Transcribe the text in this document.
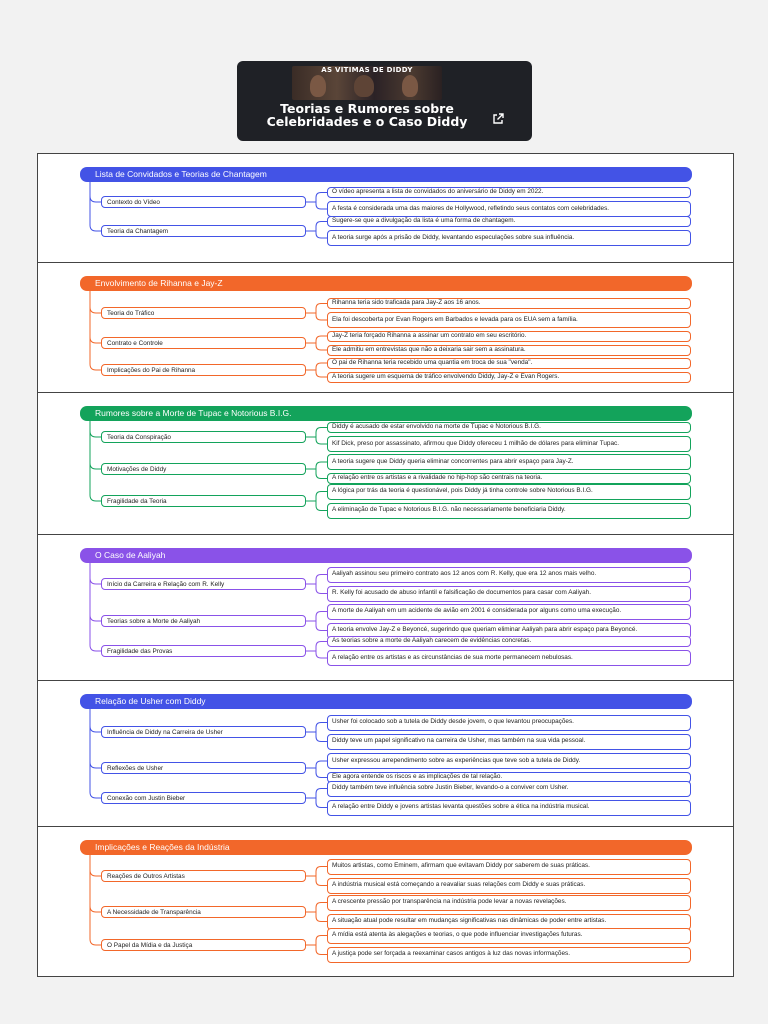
AS VÍTIMAS DE DIDDY
Teorias e Rumores sobre Celebridades e o Caso Diddy
Lista de Convidados e Teorias de Chantagem
Contexto do Vídeo
O vídeo apresenta a lista de convidados do aniversário de Diddy em 2022.
A festa é considerada uma das maiores de Hollywood, refletindo seus contatos com celebridades.
Teoria da Chantagem
Sugere-se que a divulgação da lista é uma forma de chantagem.
A teoria surge após a prisão de Diddy, levantando especulações sobre sua influência.
Envolvimento de Rihanna e Jay-Z
Teoria do Tráfico
Rihanna teria sido traficada para Jay-Z aos 16 anos.
Ela foi descoberta por Evan Rogers em Barbados e levada para os EUA sem a família.
Contrato e Controle
Jay-Z teria forçado Rihanna a assinar um contrato em seu escritório.
Ele admitiu em entrevistas que não a deixaria sair sem a assinatura.
Implicações do Pai de Rihanna
O pai de Rihanna teria recebido uma quantia em troca de sua "venda".
A teoria sugere um esquema de tráfico envolvendo Diddy, Jay-Z e Evan Rogers.
Rumores sobre a Morte de Tupac e Notorious B.I.G.
Teoria da Conspiração
Diddy é acusado de estar envolvido na morte de Tupac e Notorious B.I.G.
Kif Dick, preso por assassinato, afirmou que Diddy ofereceu 1 milhão de dólares para eliminar Tupac.
Motivações de Diddy
A teoria sugere que Diddy queria eliminar concorrentes para abrir espaço para Jay-Z.
A relação entre os artistas e a rivalidade no hip-hop são centrais na teoria.
Fragilidade da Teoria
A lógica por trás da teoria é questionável, pois Diddy já tinha controle sobre Notorious B.I.G.
A eliminação de Tupac e Notorious B.I.G. não necessariamente beneficiaria Diddy.
O Caso de Aaliyah
Início da Carreira e Relação com R. Kelly
Aaliyah assinou seu primeiro contrato aos 12 anos com R. Kelly, que era 12 anos mais velho.
R. Kelly foi acusado de abuso infantil e falsificação de documentos para casar com Aaliyah.
Teorias sobre a Morte de Aaliyah
A morte de Aaliyah em um acidente de avião em 2001 é considerada por alguns como uma execução.
A teoria envolve Jay-Z e Beyoncé, sugerindo que queriam eliminar Aaliyah para abrir espaço para Beyoncé.
Fragilidade das Provas
As teorias sobre a morte de Aaliyah carecem de evidências concretas.
A relação entre os artistas e as circunstâncias de sua morte permanecem nebulosas.
Relação de Usher com Diddy
Influência de Diddy na Carreira de Usher
Usher foi colocado sob a tutela de Diddy desde jovem, o que levantou preocupações.
Diddy teve um papel significativo na carreira de Usher, mas também na sua vida pessoal.
Reflexões de Usher
Usher expressou arrependimento sobre as experiências que teve sob a tutela de Diddy.
Ele agora entende os riscos e as implicações de tal relação.
Conexão com Justin Bieber
Diddy também teve influência sobre Justin Bieber, levando-o a conviver com Usher.
A relação entre Diddy e jovens artistas levanta questões sobre a ética na indústria musical.
Implicações e Reações da Indústria
Reações de Outros Artistas
Muitos artistas, como Eminem, afirmam que evitavam Diddy por saberem de suas práticas.
A indústria musical está começando a reavaliar suas relações com Diddy e suas práticas.
A Necessidade de Transparência
A crescente pressão por transparência na indústria pode levar a novas revelações.
A situação atual pode resultar em mudanças significativas nas dinâmicas de poder entre artistas.
O Papel da Mídia e da Justiça
A mídia está atenta às alegações e teorias, o que pode influenciar investigações futuras.
A justiça pode ser forçada a reexaminar casos antigos à luz das novas informações.
